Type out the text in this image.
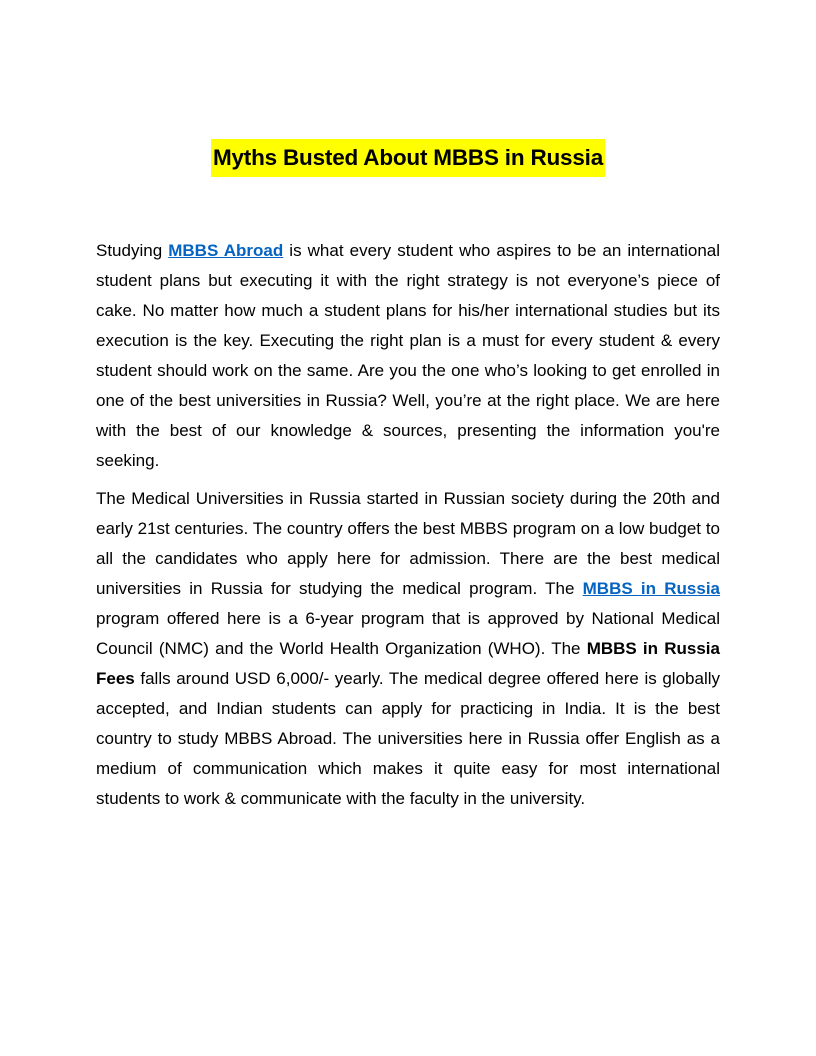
Myths Busted About MBBS in Russia

Studying MBBS Abroad is what every student who aspires to be an international student plans but executing it with the right strategy is not everyone’s piece of cake. No matter how much a student plans for his/her international studies but its execution is the key. Executing the right plan is a must for every student & every student should work on the same. Are you the one who’s looking to get enrolled in one of the best universities in Russia? Well, you’re at the right place. We are here with the best of our knowledge & sources, presenting the information you're seeking.

The Medical Universities in Russia started in Russian society during the 20th and early 21st centuries. The country offers the best MBBS program on a low budget to all the candidates who apply here for admission. There are the best medical universities in Russia for studying the medical program. The MBBS in Russia program offered here is a 6-year program that is approved by National Medical Council (NMC) and the World Health Organization (WHO). The MBBS in Russia Fees falls around USD 6,000/- yearly. The medical degree offered here is globally accepted, and Indian students can apply for practicing in India. It is the best country to study MBBS Abroad. The universities here in Russia offer English as a medium of communication which makes it quite easy for most international students to work & communicate with the faculty in the university.
